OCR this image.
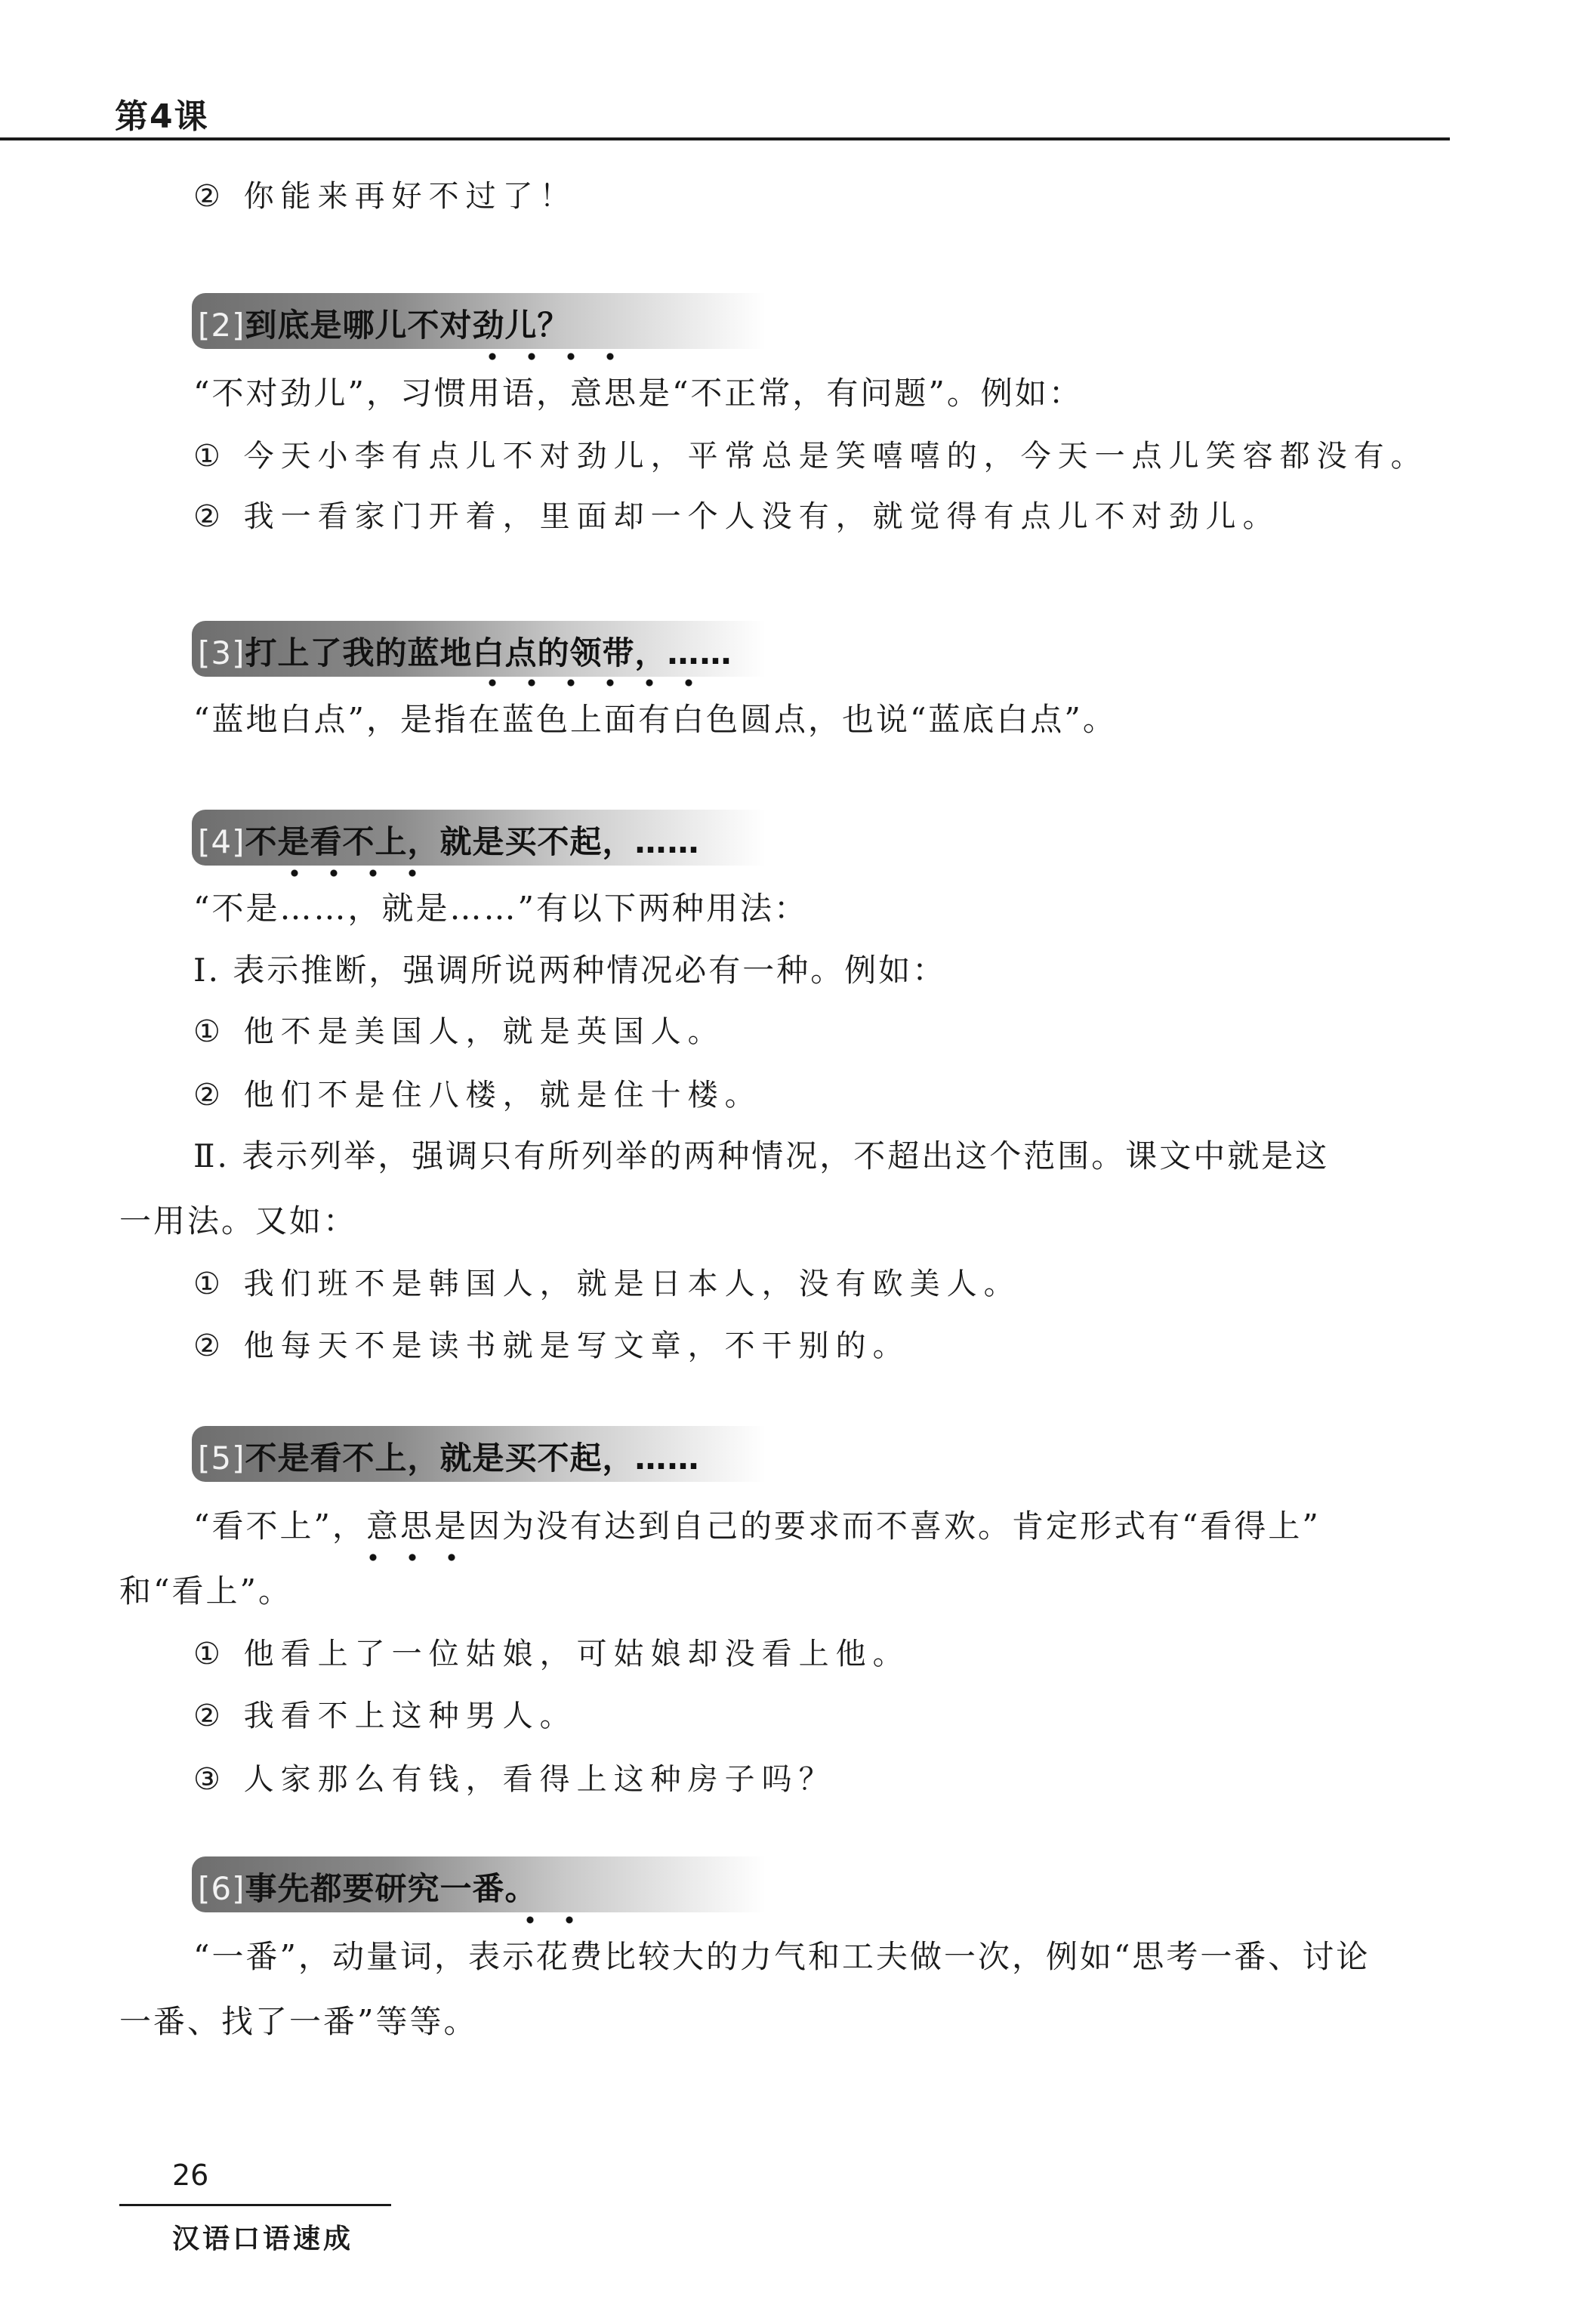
第4课
② 你能来再好不过了！
[2]到底是哪儿不对劲儿？
“不对劲儿”，习惯用语，意思是“不正常，有问题”。例如：
① 今天小李有点儿不对劲儿，平常总是笑嘻嘻的，今天一点儿笑容都没有。
② 我一看家门开着，里面却一个人没有，就觉得有点儿不对劲儿。
[3]打上了我的蓝地白点的领带，……
“蓝地白点”，是指在蓝色上面有白色圆点，也说“蓝底白点”。
[4]不是看不上，就是买不起，……
“不是……，就是……”有以下两种用法：
Ⅰ. 表示推断，强调所说两种情况必有一种。例如：
① 他不是美国人，就是英国人。
② 他们不是住八楼，就是住十楼。
Ⅱ. 表示列举，强调只有所列举的两种情况，不超出这个范围。课文中就是这
一用法。又如：
① 我们班不是韩国人，就是日本人，没有欧美人。
② 他每天不是读书就是写文章，不干别的。
[5]不是看不上，就是买不起，……
“看不上”，意思是因为没有达到自己的要求而不喜欢。肯定形式有“看得上”
和“看上”。
① 他看上了一位姑娘，可姑娘却没看上他。
② 我看不上这种男人。
③ 人家那么有钱，看得上这种房子吗？
[6]事先都要研究一番。
“一番”，动量词，表示花费比较大的力气和工夫做一次，例如“思考一番、讨论
一番、找了一番”等等。
26
汉语口语速成
